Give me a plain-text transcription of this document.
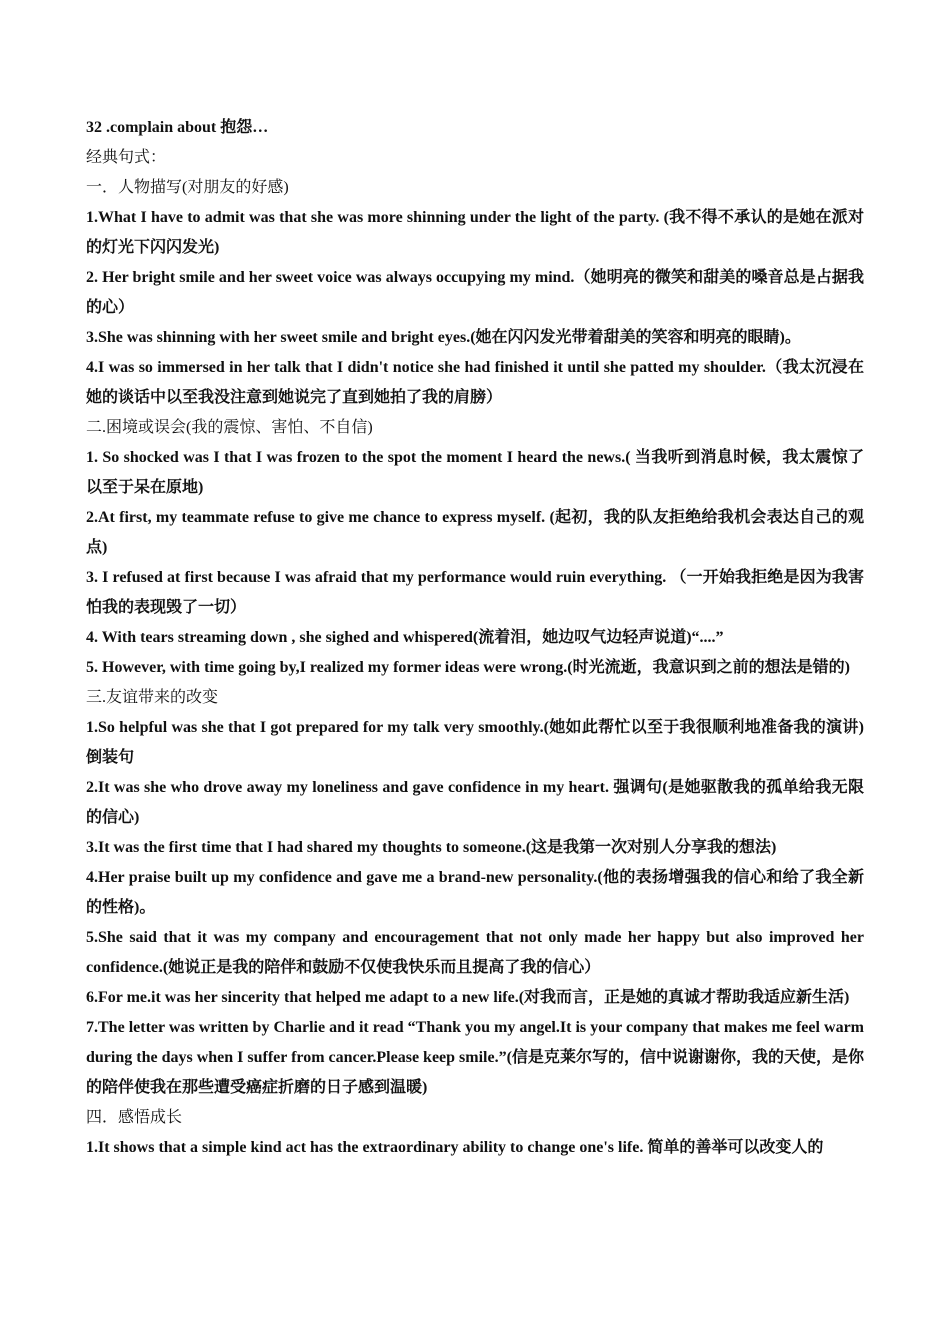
32 .complain about 抱怨…

经典句式：

一．人物描写(对朋友的好感)

1.What I have to admit was that she was more shinning under the light of the party. (我不得不承认的是她在派对的灯光下闪闪发光)

2. Her bright smile and her sweet voice was always occupying my mind.（她明亮的微笑和甜美的嗓音总是占据我的心）

3.She was shinning with her sweet smile and bright eyes.(她在闪闪发光带着甜美的笑容和明亮的眼睛)。

4.I was so immersed in her talk that I didn't notice she had finished it until she patted my shoulder.（我太沉浸在她的谈话中以至我没注意到她说完了直到她拍了我的肩膀）

二.困境或误会(我的震惊、害怕、不自信)

1. So shocked was I that I was frozen to the spot the moment I heard the news.( 当我听到消息时候，我太震惊了以至于呆在原地)

2.At first, my teammate refuse to give me chance to express myself. (起初，我的队友拒绝给我机会表达自己的观点)

3. I refused at first because I was afraid that my performance would ruin everything. （一开始我拒绝是因为我害怕我的表现毁了一切）

4. With tears streaming down , she sighed and whispered(流着泪，她边叹气边轻声说道)“....”

5. However, with time going by,I realized my former ideas were wrong.(时光流逝，我意识到之前的想法是错的)

三.友谊带来的改变

1.So helpful was she that I got prepared for my talk very smoothly.(她如此帮忙以至于我很顺利地准备我的演讲) 倒装句

2.It was she who drove away my loneliness and gave confidence in my heart. 强调句(是她驱散我的孤单给我无限的信心)

3.It was the first time that I had shared my thoughts to someone.(这是我第一次对别人分享我的想法)

4.Her praise built up my confidence and gave me a brand-new personality.(他的表扬增强我的信心和给了我全新的性格)。

5.She said that it was my company and encouragement that not only made her happy but also improved her confidence.(她说正是我的陪伴和鼓励不仅使我快乐而且提高了我的信心）

6.For me.it was her sincerity that helped me adapt to a new life.(对我而言，正是她的真诚才帮助我适应新生活)

7.The letter was written by Charlie and it read “Thank you my angel.It is your company that makes me feel warm during the days when I suffer from cancer.Please keep smile.”(信是克莱尔写的，信中说谢谢你，我的天使，是你的陪伴使我在那些遭受癌症折磨的日子感到温暖)

四．感悟成长

1.It shows that a simple kind act has the extraordinary ability to change one's life. 简单的善举可以改变人的
